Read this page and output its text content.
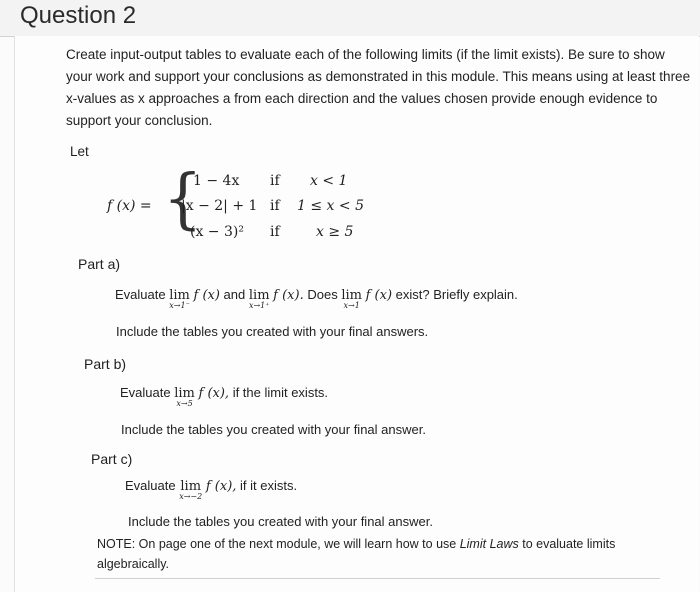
Question 2
Create input-output tables to evaluate each of the following limits (if the limit exists). Be sure to show your work and support your conclusions as demonstrated in this module. This means using at least three x-values as x approaches a from each direction and the values chosen provide enough evidence to support your conclusion.
Let
f (x) = {
1 − 4x if x < 1
|x − 2| + 1 if 1 ≤ x < 5
(x − 3)² if	x ≥ 5
Part a)
Evaluate lim
x→1⁻
f (x) and lim
x→1⁺
f (x). Does lim
x→1
f (x) exist? Briefly explain.
Include the tables you created with your final answers.
Part b)
Evaluate lim
x→5
f (x), if the limit exists.
Include the tables you created with your final answer.
Part c)
Evaluate lim
x→−2
f (x), if it exists.
Include the tables you created with your final answer.
NOTE: On page one of the next module, we will learn how to use Limit Laws to evaluate limits algebraically.
